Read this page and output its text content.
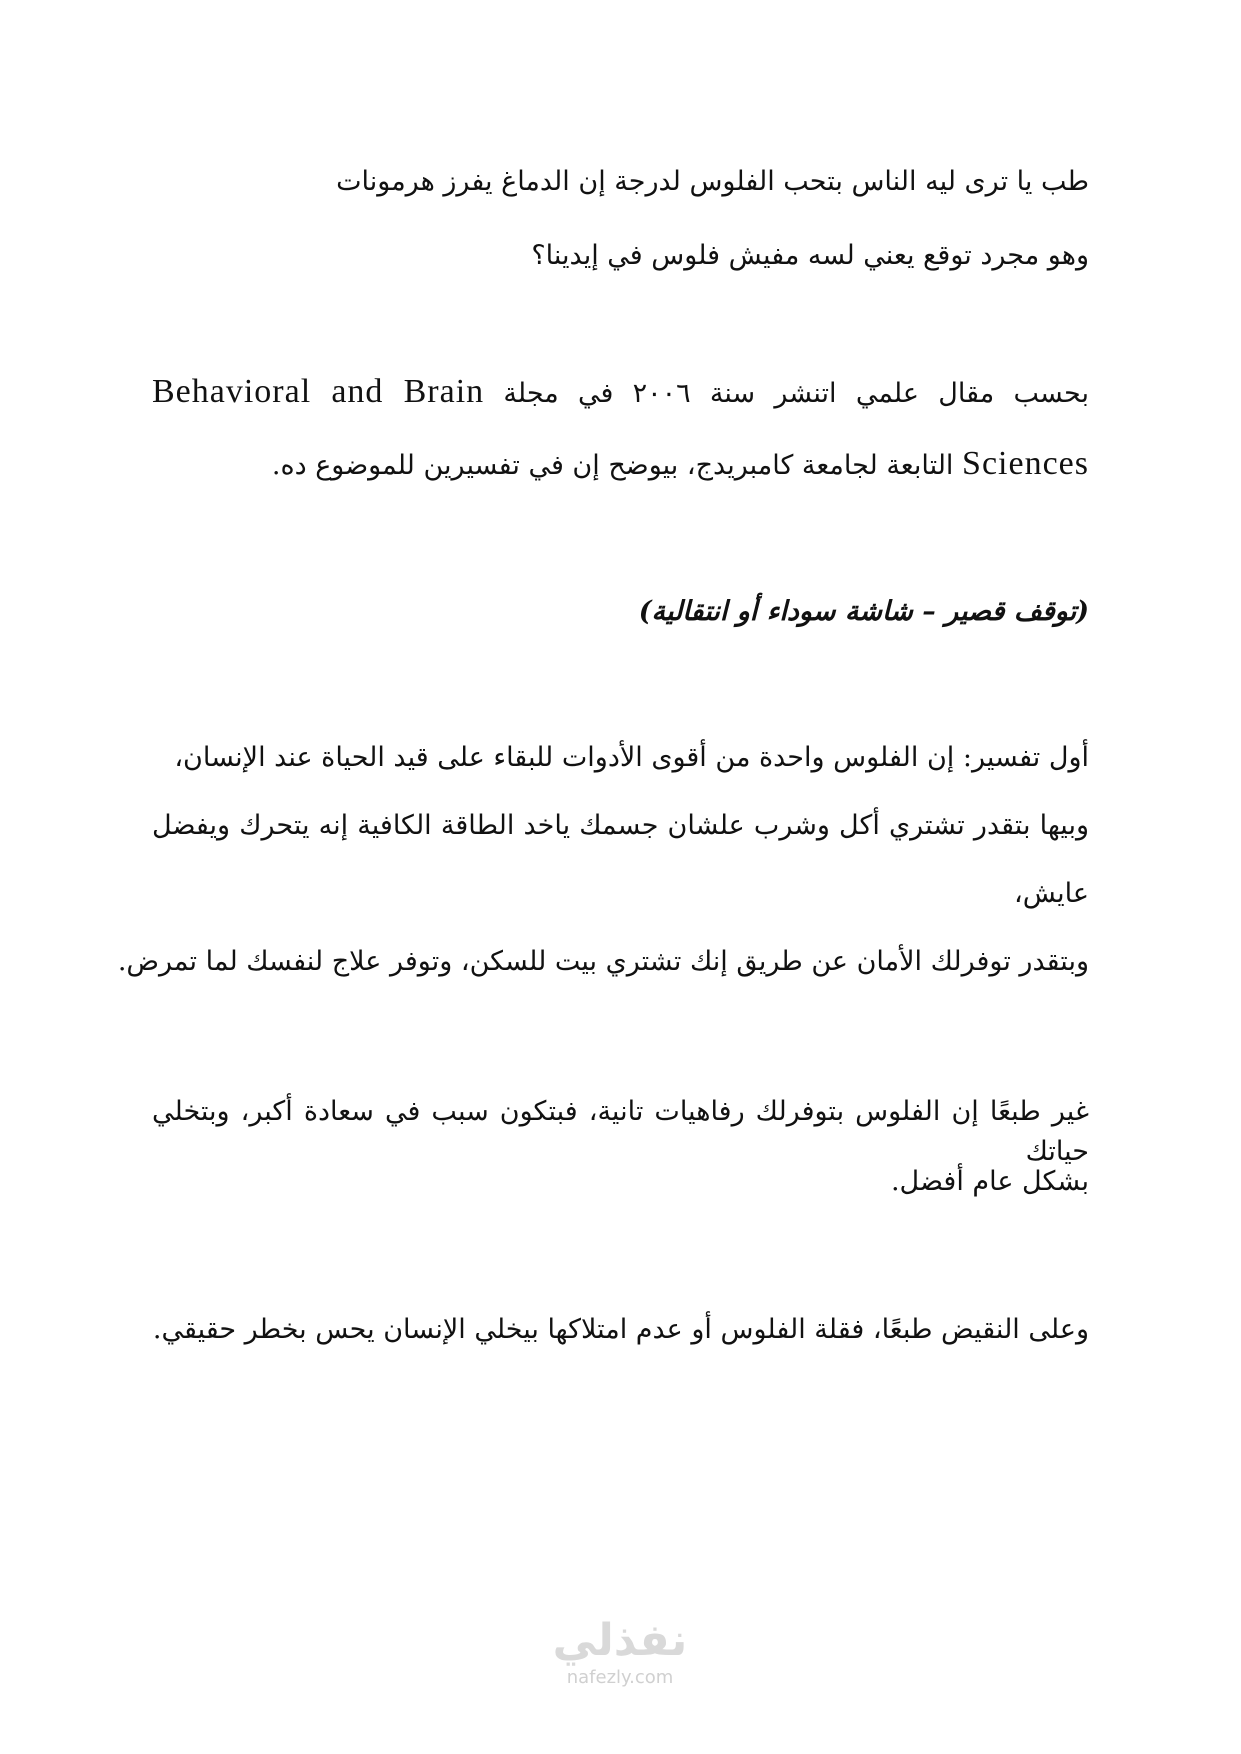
طب يا ترى ليه الناس بتحب الفلوس لدرجة إن الدماغ يفرز هرمونات
وهو مجرد توقع يعني لسه مفيش فلوس في إيدينا؟
بحسب مقال علمي اتنشر سنة ٢٠٠٦ في مجلة Behavioral and Brain
Sciences التابعة لجامعة كامبريدج، بيوضح إن في تفسيرين للموضوع ده.
(توقف قصير – شاشة سوداء أو انتقالية)
أول تفسير: إن الفلوس واحدة من أقوى الأدوات للبقاء على قيد الحياة عند الإنسان،
وبيها بتقدر تشتري أكل وشرب علشان جسمك ياخد الطاقة الكافية إنه يتحرك ويفضل
عايش،
وبتقدر توفرلك الأمان عن طريق إنك تشتري بيت للسكن، وتوفر علاج لنفسك لما تمرض.
غير طبعًا إن الفلوس بتوفرلك رفاهيات تانية، فبتكون سبب في سعادة أكبر، وبتخلي حياتك
بشكل عام أفضل.
وعلى النقيض طبعًا، فقلة الفلوس أو عدم امتلاكها بيخلي الإنسان يحس بخطر حقيقي.
نفذلي
nafezly.com
